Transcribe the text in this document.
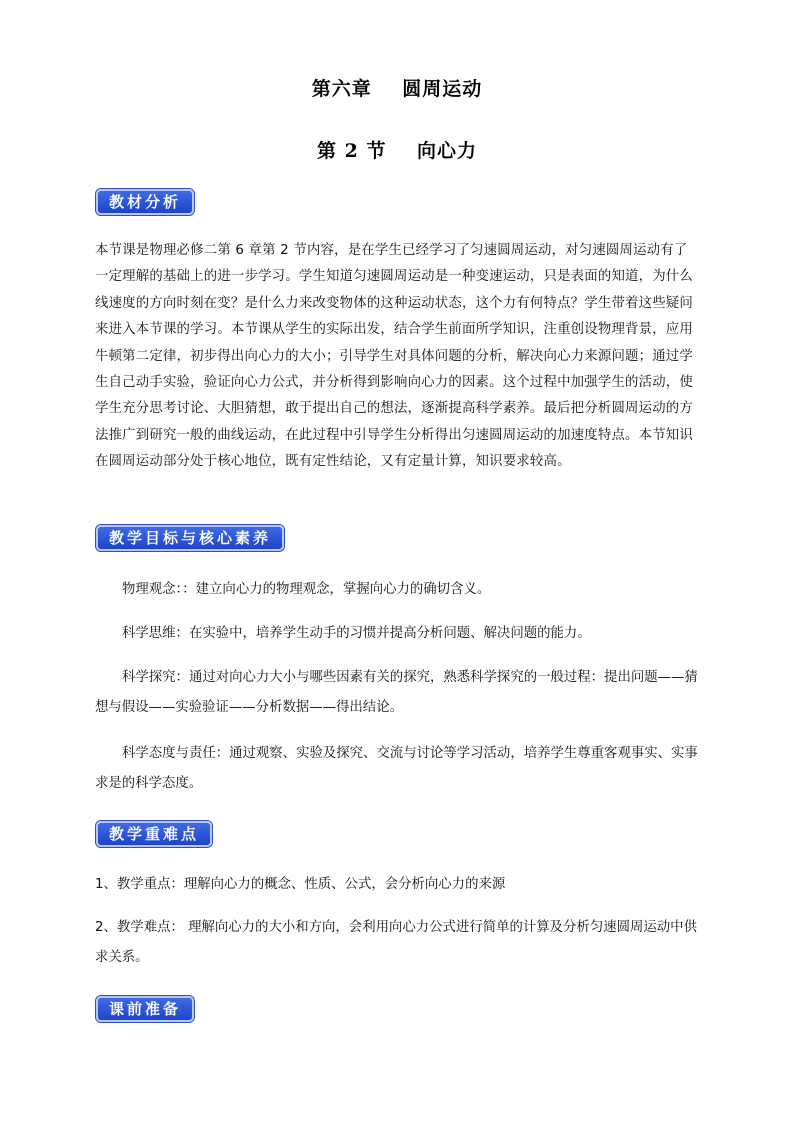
第六章    圆周运动
第 2 节    向心力
教材分析
本节课是物理必修二第 6 章第 2 节内容，是在学生已经学习了匀速圆周运动，对匀速圆周运动有了一定理解的基础上的进一步学习。学生知道匀速圆周运动是一种变速运动，只是表面的知道，为什么线速度的方向时刻在变？是什么力来改变物体的这种运动状态，这个力有何特点？学生带着这些疑问来进入本节课的学习。本节课从学生的实际出发，结合学生前面所学知识，注重创设物理背景，应用牛顿第二定律，初步得出向心力的大小；引导学生对具体问题的分析，解决向心力来源问题；通过学生自己动手实验，验证向心力公式，并分析得到影响向心力的因素。这个过程中加强学生的活动，使学生充分思考讨论、大胆猜想，敢于提出自己的想法，逐渐提高科学素养。最后把分析圆周运动的方法推广到研究一般的曲线运动，在此过程中引导学生分析得出匀速圆周运动的加速度特点。本节知识在圆周运动部分处于核心地位，既有定性结论，又有定量计算，知识要求较高。
教学目标与核心素养
物理观念：：建立向心力的物理观念，掌握向心力的确切含义。
科学思维：在实验中，培养学生动手的习惯并提高分析问题、解决问题的能力。
科学探究：通过对向心力大小与哪些因素有关的探究，熟悉科学探究的一般过程：提出问题——猜想与假设——实验验证——分析数据——得出结论。
科学态度与责任：通过观察、实验及探究、交流与讨论等学习活动，培养学生尊重客观事实、实事求是的科学态度。
教学重难点
1、教学重点：理解向心力的概念、性质、公式，会分析向心力的来源
2、教学难点： 理解向心力的大小和方向，会利用向心力公式进行简单的计算及分析匀速圆周运动中供求关系。
课前准备
